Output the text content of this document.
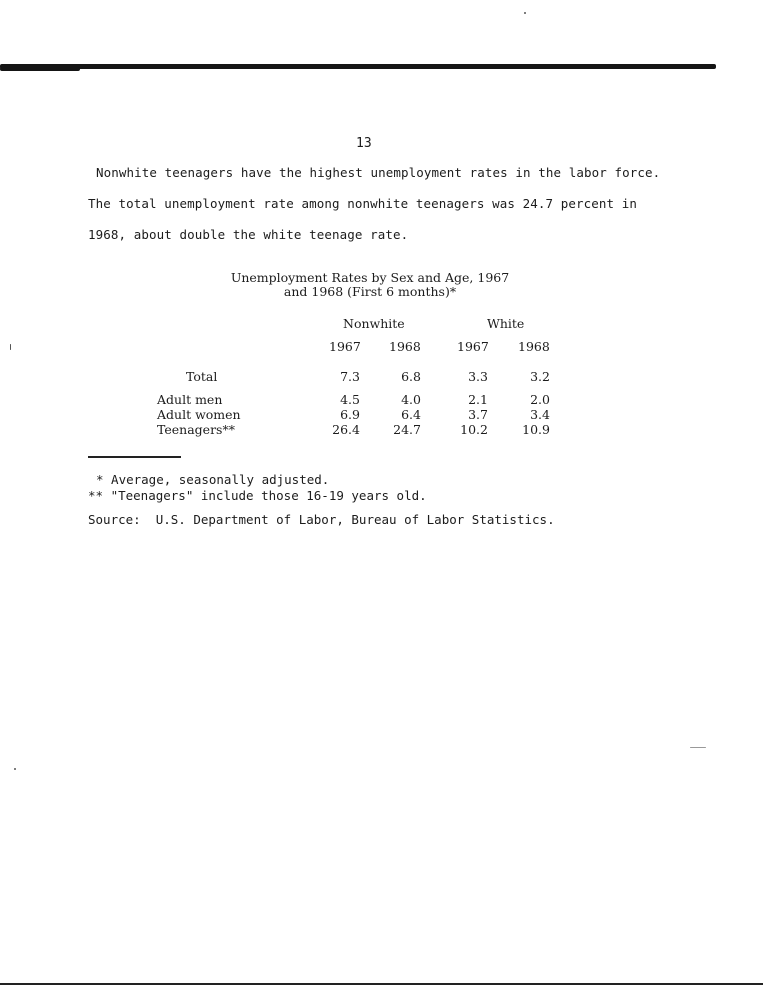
13
Nonwhite teenagers have the highest unemployment rates in the labor force.
The total unemployment rate among nonwhite teenagers was 24.7 percent in
1968, about double the white teenage rate.
Unemployment Rates by Sex and Age, 1967
and 1968 (First 6 months)*
Nonwhite	White
1967 1968	1967 1968
Total	7.3	6.8	3.3	3.2
Adult men	4.5	4.0	2.1	2.0
Adult women	6.9	6.4	3.7	3.4
Teenagers**	26.4	24.7	10.2	10.9
* Average, seasonally adjusted.
** "Teenagers" include those 16-19 years old.
Source:  U.S. Department of Labor, Bureau of Labor Statistics.
